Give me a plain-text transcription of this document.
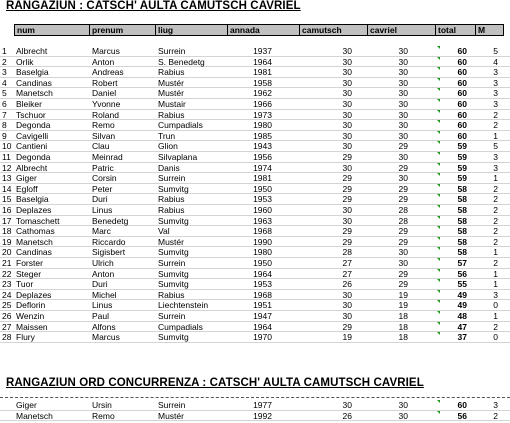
RANGAZIUN : CATSCH' AULTA CAMUTSCH CAVRIEL
num	prenum	liug	annada	camutsch	cavriel	total	M
1	Albrecht	Marcus	Surrein	1937	30	30	60	5
2	Orlik	Anton	S. Benedetg	1964	30	30	60	4
3	Baselgia	Andreas	Rabius	1981	30	30	60	3
4	Candinas	Robert	Mustér	1958	30	30	60	3
5	Manetsch	Daniel	Mustér	1962	30	30	60	3
6	Bleiker	Yvonne	Mustair	1966	30	30	60	3
7	Tschuor	Roland	Rabius	1973	30	30	60	2
8	Degonda	Remo	Cumpadials	1980	30	30	60	2
9	Cavigelli	Silvan	Trun	1985	30	30	60	1
10 Cantieni	Clau	Glion	1943	30	29	59	5
11 Degonda	Meinrad	Silvaplana	1956	29	30	59	3
12 Albrecht	Patric	Danis	1974	30	29	59	3
13 Giger	Corsin	Surrein	1981	29	30	59	1
14 Egloff	Peter	Sumvitg	1950	29	29	58	2
15 Baselgia	Duri	Rabius	1953	29	29	58	2
16 Deplazes	Linus	Rabius	1960	30	28	58	2
17 Tomaschett	Benedetg	Sumvitg	1963	30	28	58	2
18 Cathomas	Marc	Val	1968	29	29	58	2
19 Manetsch	Riccardo	Mustér	1990	29	29	58	2
20 Candinas	Sigisbert	Sumvitg	1980	28	30	58	1
21 Forster	Ulrich	Surrein	1950	27	30	57	2
22 Steger	Anton	Sumvitg	1964	27	29	56	1
23 Tuor	Duri	Sumvitg	1953	26	29	55	1
24 Deplazes	Michel	Rabius	1968	30	19	49	3
25 Deflorin	Linus	Liechtenstein	1951	30	19	49	0
26 Wenzin	Paul	Surrein	1947	30	18	48	1
27 Maissen	Alfons	Cumpadials	1964	29	18	47	2
28 Flury	Marcus	Sumvitg	1970	19	18	37	0
RANGAZIUN ORD CONCURRENZA : CATSCH' AULTA CAMUTSCH CAVRIEL
Giger	Ursin	Surrein	1977	30	30	60	3
Manetsch	Remo	Mustér	1992	26	30	56	2
